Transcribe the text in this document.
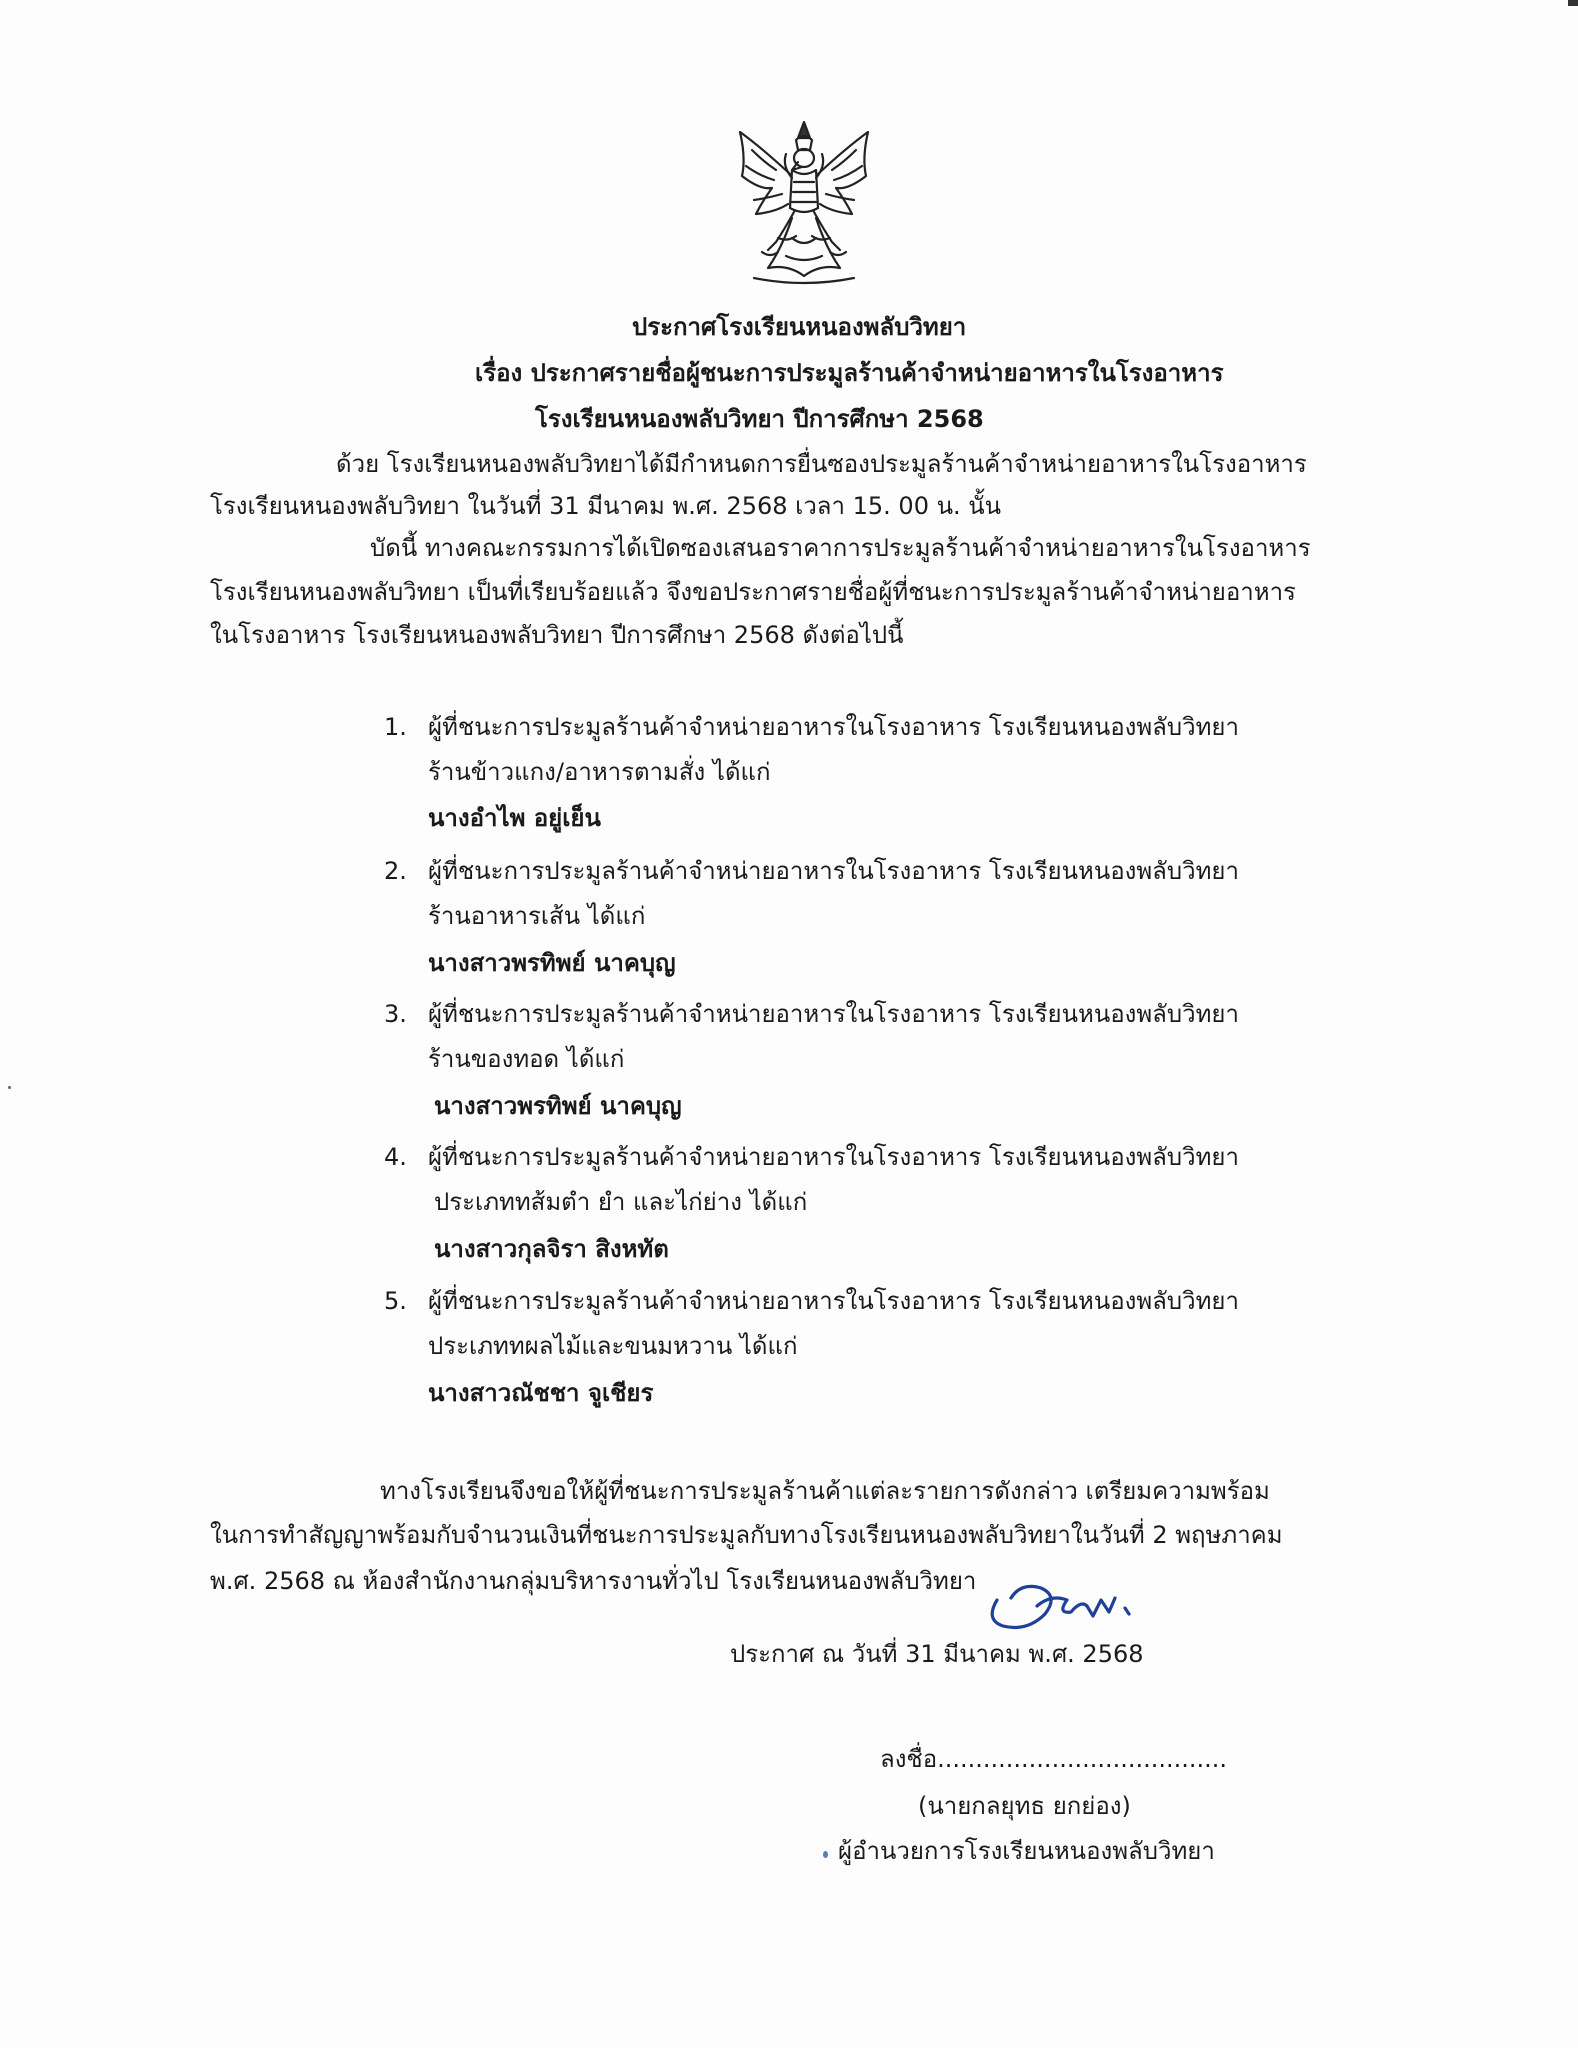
ประกาศโรงเรียนหนองพลับวิทยา
เรื่อง ประกาศรายชื่อผู้ชนะการประมูลร้านค้าจำหน่ายอาหารในโรงอาหาร
โรงเรียนหนองพลับวิทยา ปีการศึกษา 2568
ด้วย โรงเรียนหนองพลับวิทยาได้มีกำหนดการยื่นซองประมูลร้านค้าจำหน่ายอาหารในโรงอาหาร
โรงเรียนหนองพลับวิทยา ในวันที่ 31 มีนาคม พ.ศ. 2568 เวลา 15. 00 น. นั้น
บัดนี้ ทางคณะกรรมการได้เปิดซองเสนอราคาการประมูลร้านค้าจำหน่ายอาหารในโรงอาหาร
โรงเรียนหนองพลับวิทยา เป็นที่เรียบร้อยแล้ว จึงขอประกาศรายชื่อผู้ที่ชนะการประมูลร้านค้าจำหน่ายอาหาร
ในโรงอาหาร โรงเรียนหนองพลับวิทยา ปีการศึกษา 2568 ดังต่อไปนี้
1. ผู้ที่ชนะการประมูลร้านค้าจำหน่ายอาหารในโรงอาหาร โรงเรียนหนองพลับวิทยา
ร้านข้าวแกง/อาหารตามสั่ง ได้แก่
นางอำไพ อยู่เย็น
2. ผู้ที่ชนะการประมูลร้านค้าจำหน่ายอาหารในโรงอาหาร โรงเรียนหนองพลับวิทยา
ร้านอาหารเส้น ได้แก่
นางสาวพรทิพย์ นาคบุญ
3. ผู้ที่ชนะการประมูลร้านค้าจำหน่ายอาหารในโรงอาหาร โรงเรียนหนองพลับวิทยา
ร้านของทอด ได้แก่
นางสาวพรทิพย์ นาคบุญ
4. ผู้ที่ชนะการประมูลร้านค้าจำหน่ายอาหารในโรงอาหาร โรงเรียนหนองพลับวิทยา
ประเภททส้มตำ ยำ และไก่ย่าง ได้แก่
นางสาวกุลจิรา สิงหทัต
5. ผู้ที่ชนะการประมูลร้านค้าจำหน่ายอาหารในโรงอาหาร โรงเรียนหนองพลับวิทยา
ประเภททผลไม้และขนมหวาน ได้แก่
นางสาวณัชชา จูเชียร
ทางโรงเรียนจึงขอให้ผู้ที่ชนะการประมูลร้านค้าแต่ละรายการดังกล่าว เตรียมความพร้อม
ในการทำสัญญาพร้อมกับจำนวนเงินที่ชนะการประมูลกับทางโรงเรียนหนองพลับวิทยาในวันที่ 2 พฤษภาคม
พ.ศ. 2568 ณ ห้องสำนักงานกลุ่มบริหารงานทั่วไป โรงเรียนหนองพลับวิทยา
ประกาศ ณ วันที่ 31 มีนาคม พ.ศ. 2568
ลงชื่อ......................................
(นายกลยุทธ ยกย่อง)
ผู้อำนวยการโรงเรียนหนองพลับวิทยา
